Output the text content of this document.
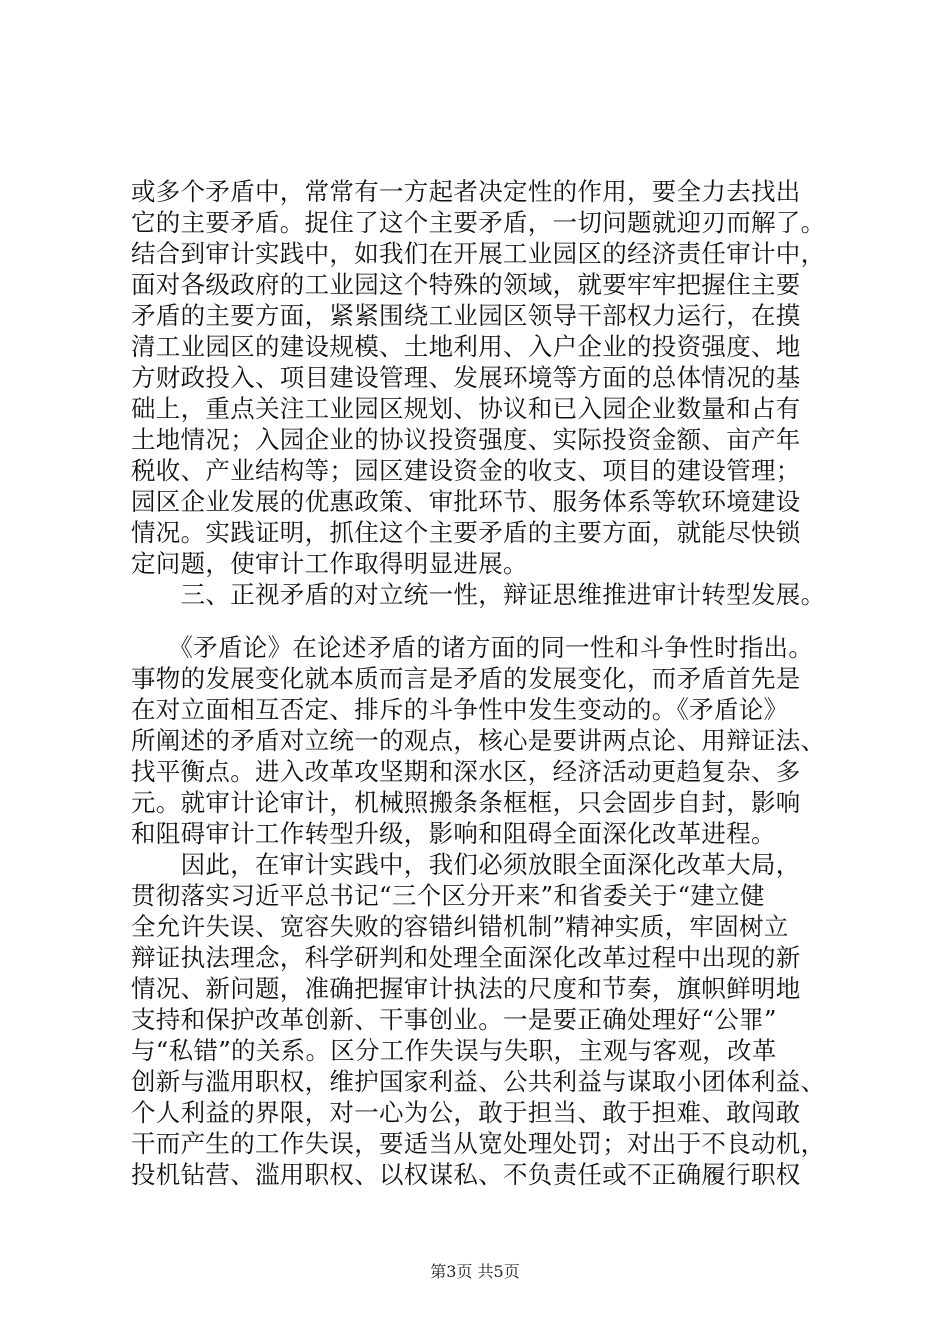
或多个矛盾中，常常有一方起者决定性的作用，要全力去找出
它的主要矛盾。捉住了这个主要矛盾，一切问题就迎刃而解了。
结合到审计实践中，如我们在开展工业园区的经济责任审计中，
面对各级政府的工业园这个特殊的领域，就要牢牢把握住主要
矛盾的主要方面，紧紧围绕工业园区领导干部权力运行，在摸
清工业园区的建设规模、土地利用、入户企业的投资强度、地
方财政投入、项目建设管理、发展环境等方面的总体情况的基
础上，重点关注工业园区规划、协议和已入园企业数量和占有
土地情况；入园企业的协议投资强度、实际投资金额、亩产年
税收、产业结构等；园区建设资金的收支、项目的建设管理；
园区企业发展的优惠政策、审批环节、服务体系等软环境建设
情况。实践证明，抓住这个主要矛盾的主要方面，就能尽快锁
定问题，使审计工作取得明显进展。
　　三、正视矛盾的对立统一性，辩证思维推进审计转型发展。
　　《矛盾论》在论述矛盾的诸方面的同一性和斗争性时指出。
事物的发展变化就本质而言是矛盾的发展变化，而矛盾首先是
在对立面相互否定、排斥的斗争性中发生变动的。《矛盾论》
所阐述的矛盾对立统一的观点，核心是要讲两点论、用辩证法、
找平衡点。进入改革攻坚期和深水区，经济活动更趋复杂、多
元。就审计论审计，机械照搬条条框框，只会固步自封，影响
和阻碍审计工作转型升级，影响和阻碍全面深化改革进程。
　　因此，在审计实践中，我们必须放眼全面深化改革大局，
贯彻落实习近平总书记“三个区分开来”和省委关于“建立健
全允许失误、宽容失败的容错纠错机制”精神实质，牢固树立
辩证执法理念，科学研判和处理全面深化改革过程中出现的新
情况、新问题，准确把握审计执法的尺度和节奏，旗帜鲜明地
支持和保护改革创新、干事创业。一是要正确处理好“公罪”
与“私错”的关系。区分工作失误与失职，主观与客观，改革
创新与滥用职权，维护国家利益、公共利益与谋取小团体利益、
个人利益的界限，对一心为公，敢于担当、敢于担难、敢闯敢
干而产生的工作失误，要适当从宽处理处罚；对出于不良动机，
投机钻营、滥用职权、以权谋私、不负责任或不正确履行职权
第3页 共5页
